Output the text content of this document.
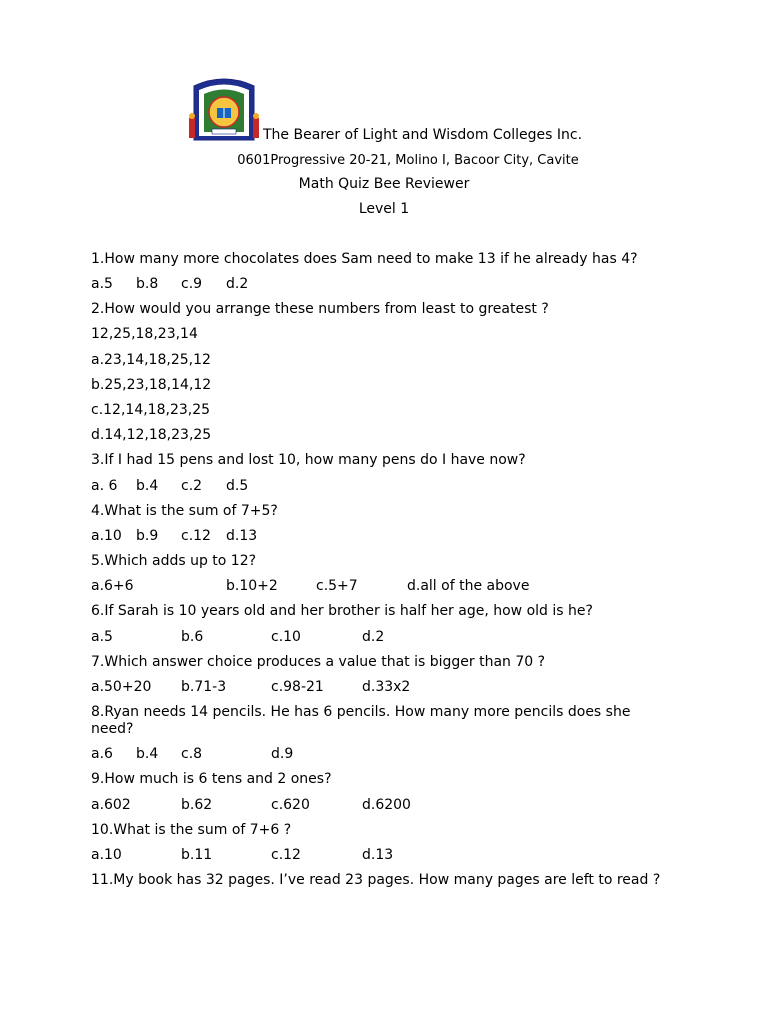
The Bearer of Light and Wisdom Colleges Inc.
0601Progressive 20-21, Molino I, Bacoor City, Cavite
Math Quiz Bee Reviewer
Level 1
1.How many more chocolates does Sam need to make 13 if he already has 4?
a.5 b.8 c.9 d.2
2.How would you arrange these numbers from least to greatest ?
12,25,18,23,14
a.23,14,18,25,12
b.25,23,18,14,12
c.12,14,18,23,25
d.14,12,18,23,25
3.If I had 15 pens and lost 10, how many pens do I have now?
a. 6 b.4 c.2 d.5
4.What is the sum of 7+5?
a.10 b.9 c.12 d.13
5.Which adds up to 12?
a.6+6	b.10+2	c.5+7	d.all of the above
6.If Sarah is 10 years old and her brother is half her age, how old is he?
a.5	b.6	c.10	d.2
7.Which answer choice produces a value that is bigger than 70 ?
a.50+20 b.71-3	c.98-21	d.33x2
8.Ryan needs 14 pencils. He has 6 pencils. How many more pencils does she need?
a.6 b.4 c.8	d.9
9.How much is 6 tens and 2 ones?
a.602	b.62	c.620	d.6200
10.What is the sum of 7+6 ?
a.10	b.11	c.12	d.13
11.My book has 32 pages. I’ve read 23 pages. How many pages are left to read ?
